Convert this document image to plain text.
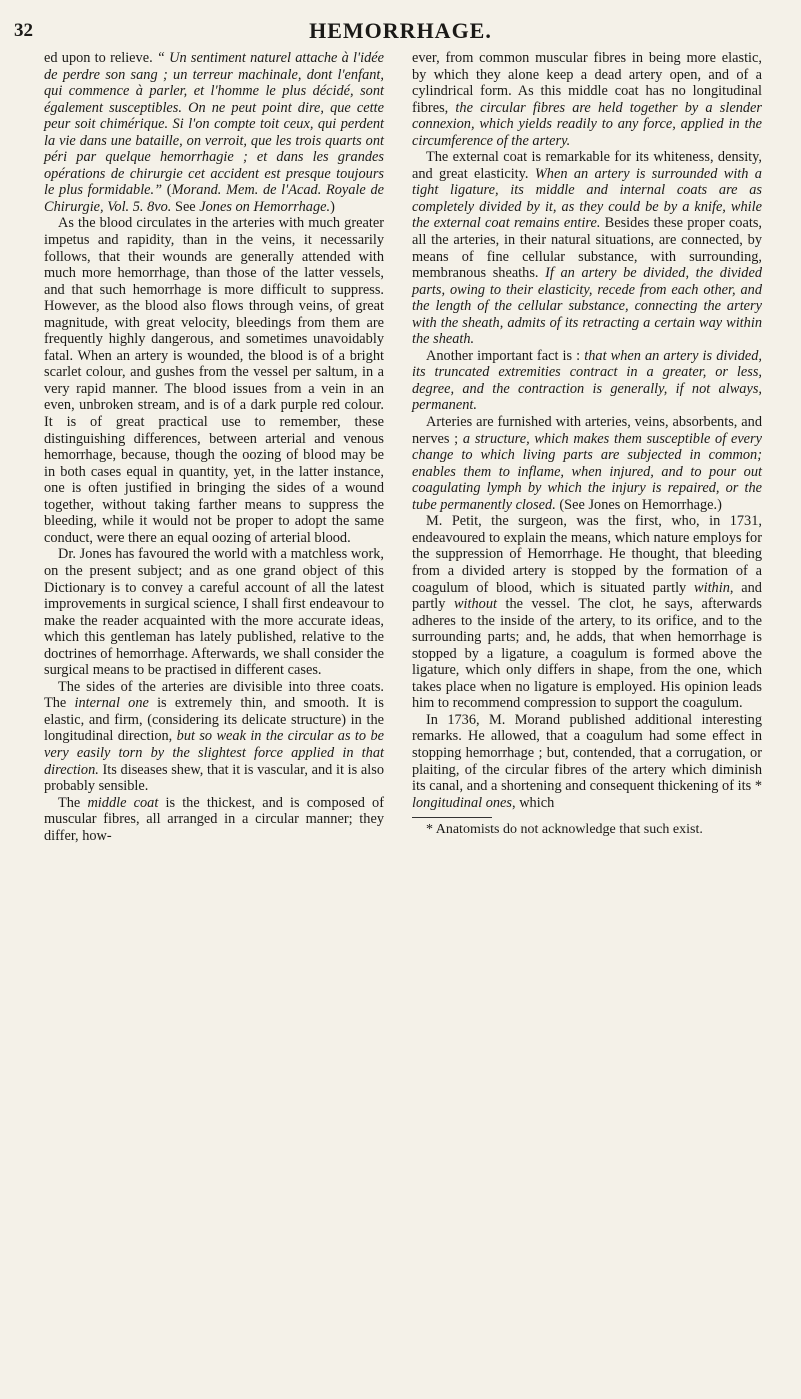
32	HEMORRHAGE.

ed upon to relieve. “ Un sentiment naturel attache à l'idée de perdre son sang ; un terreur machinale, dont l'enfant, qui commence à parler, et l'homme le plus décidé, sont également susceptibles. On ne peut point dire, que cette peur soit chimérique. Si l'on compte toit ceux, qui perdent la vie dans une bataille, on verroit, que les trois quarts ont péri par quelque hemorrhagie ; et dans les grandes opérations de chirurgie cet accident est presque toujours le plus formidable.” (Morand. Mem. de l'Acad. Royale de Chirurgie, Vol. 5. 8vo. See Jones on Hemorrhage.)

As the blood circulates in the arteries with much greater impetus and rapidity, than in the veins, it necessarily follows, that their wounds are generally attended with much more hemorrhage, than those of the latter vessels, and that such hemorrhage is more difficult to suppress. However, as the blood also flows through veins, of great magnitude, with great velocity, bleedings from them are frequently highly dangerous, and sometimes unavoidably fatal. When an artery is wounded, the blood is of a bright scarlet colour, and gushes from the vessel per saltum, in a very rapid manner. The blood issues from a vein in an even, unbroken stream, and is of a dark purple red colour. It is of great practical use to remember, these distinguishing differences, between arterial and venous hemorrhage, because, though the oozing of blood may be in both cases equal in quantity, yet, in the latter instance, one is often justified in bringing the sides of a wound together, without taking farther means to suppress the bleeding, while it would not be proper to adopt the same conduct, were there an equal oozing of arterial blood.

Dr. Jones has favoured the world with a matchless work, on the present subject; and as one grand object of this Dictionary is to convey a careful account of all the latest improvements in surgical science, I shall first endeavour to make the reader acquainted with the more accurate ideas, which this gentleman has lately published, relative to the doctrines of hemorrhage. Afterwards, we shall consider the surgical means to be practised in different cases.

The sides of the arteries are divisible into three coats. The internal one is extremely thin, and smooth. It is elastic, and firm, (considering its delicate structure) in the longitudinal direction, but so weak in the circular as to be very easily torn by the slightest force applied in that direction. Its diseases shew, that it is vascular, and it is also probably sensible.

The middle coat is the thickest, and is composed of muscular fibres, all arranged in a circular manner; they differ, how-

ever, from common muscular fibres in being more elastic, by which they alone keep a dead artery open, and of a cylindrical form. As this middle coat has no longitudinal fibres, the circular fibres are held together by a slender connexion, which yields readily to any force, applied in the circumference of the artery.

The external coat is remarkable for its whiteness, density, and great elasticity. When an artery is surrounded with a tight ligature, its middle and internal coats are as completely divided by it, as they could be by a knife, while the external coat remains entire. Besides these proper coats, all the arteries, in their natural situations, are connected, by means of fine cellular substance, with surrounding, membranous sheaths. If an artery be divided, the divided parts, owing to their elasticity, recede from each other, and the length of the cellular substance, connecting the artery with the sheath, admits of its retracting a certain way within the sheath.

Another important fact is : that when an artery is divided, its truncated extremities contract in a greater, or less, degree, and the contraction is generally, if not always, permanent.

Arteries are furnished with arteries, veins, absorbents, and nerves ; a structure, which makes them susceptible of every change to which living parts are subjected in common; enables them to inflame, when injured, and to pour out coagulating lymph by which the injury is repaired, or the tube permanently closed. (See Jones on Hemorrhage.)

M. Petit, the surgeon, was the first, who, in 1731, endeavoured to explain the means, which nature employs for the suppression of Hemorrhage. He thought, that bleeding from a divided artery is stopped by the formation of a coagulum of blood, which is situated partly within, and partly without the vessel. The clot, he says, afterwards adheres to the inside of the artery, to its orifice, and to the surrounding parts; and, he adds, that when hemorrhage is stopped by a ligature, a coagulum is formed above the ligature, which only differs in shape, from the one, which takes place when no ligature is employed. His opinion leads him to recommend compression to support the coagulum.

In 1736, M. Morand published additional interesting remarks. He allowed, that a coagulum had some effect in stopping hemorrhage ; but, contended, that a corrugation, or plaiting, of the circular fibres of the artery which diminish its canal, and a shortening and consequent thickening of its * longitudinal ones, which

* Anatomists do not acknowledge that such exist.
